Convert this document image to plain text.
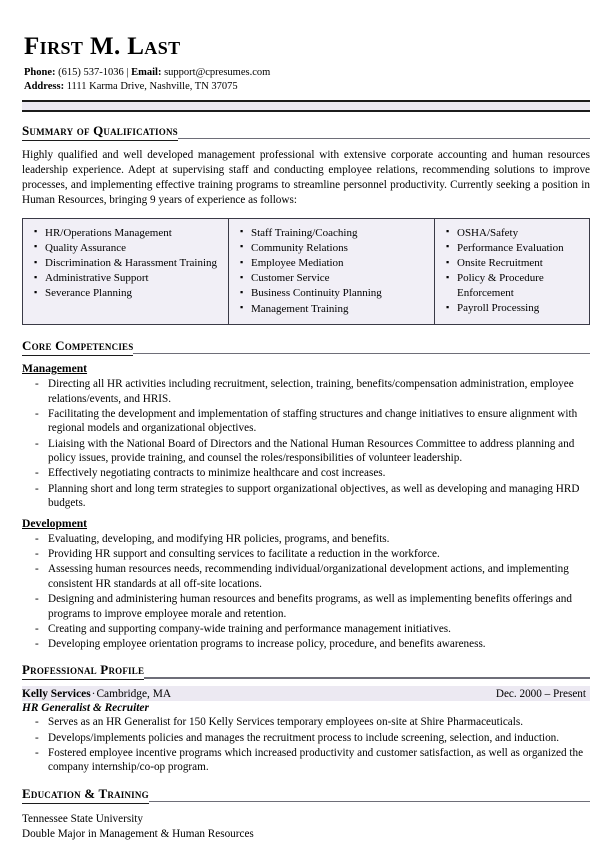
First M. Last
Phone: (615) 537-1036 | Email: support@cpresumes.com
Address: 1111 Karma Drive, Nashville, TN 37075
Summary of Qualifications
Highly qualified and well developed management professional with extensive corporate accounting and human resources leadership experience. Adept at supervising staff and conducting employee relations, recommending solutions to improve processes, and implementing effective training programs to streamline personnel productivity. Currently seeking a position in Human Resources, bringing 9 years of experience as follows:
▪ HR/Operations Management
▪ Quality Assurance
▪ Discrimination & Harassment Training
▪ Administrative Support
▪ Severance Planning
▪ Staff Training/Coaching
▪ Community Relations
▪ Employee Mediation
▪ Customer Service
▪ Business Continuity Planning
▪ Management Training
▪ OSHA/Safety
▪ Performance Evaluation
▪ Onsite Recruitment
▪ Policy & Procedure Enforcement
▪ Payroll Processing
Core Competencies
Management
- Directing all HR activities including recruitment, selection, training, benefits/compensation administration, employee relations/events, and HRIS.
- Facilitating the development and implementation of staffing structures and change initiatives to ensure alignment with regional models and organizational objectives.
- Liaising with the National Board of Directors and the National Human Resources Committee to address planning and policy issues, provide training, and counsel the roles/responsibilities of volunteer leadership.
- Effectively negotiating contracts to minimize healthcare and cost increases.
- Planning short and long term strategies to support organizational objectives, as well as developing and managing HRD budgets.
Development
- Evaluating, developing, and modifying HR policies, programs, and benefits.
- Providing HR support and consulting services to facilitate a reduction in the workforce.
- Assessing human resources needs, recommending individual/organizational development actions, and implementing consistent HR standards at all off-site locations.
- Designing and administering human resources and benefits programs, as well as implementing benefits offerings and programs to improve employee morale and retention.
- Creating and supporting company-wide training and performance management initiatives.
- Developing employee orientation programs to increase policy, procedure, and benefits awareness.
Professional Profile
Kelly Services·Cambridge, MA	Dec. 2000 – Present
HR Generalist & Recruiter
- Serves as an HR Generalist for 150 Kelly Services temporary employees on-site at Shire Pharmaceuticals.
- Develops/implements policies and manages the recruitment process to include screening, selection, and induction.
- Fostered employee incentive programs which increased productivity and customer satisfaction, as well as organized the company internship/co-op program.
Education & Training
Tennessee State University
Double Major in Management & Human Resources
